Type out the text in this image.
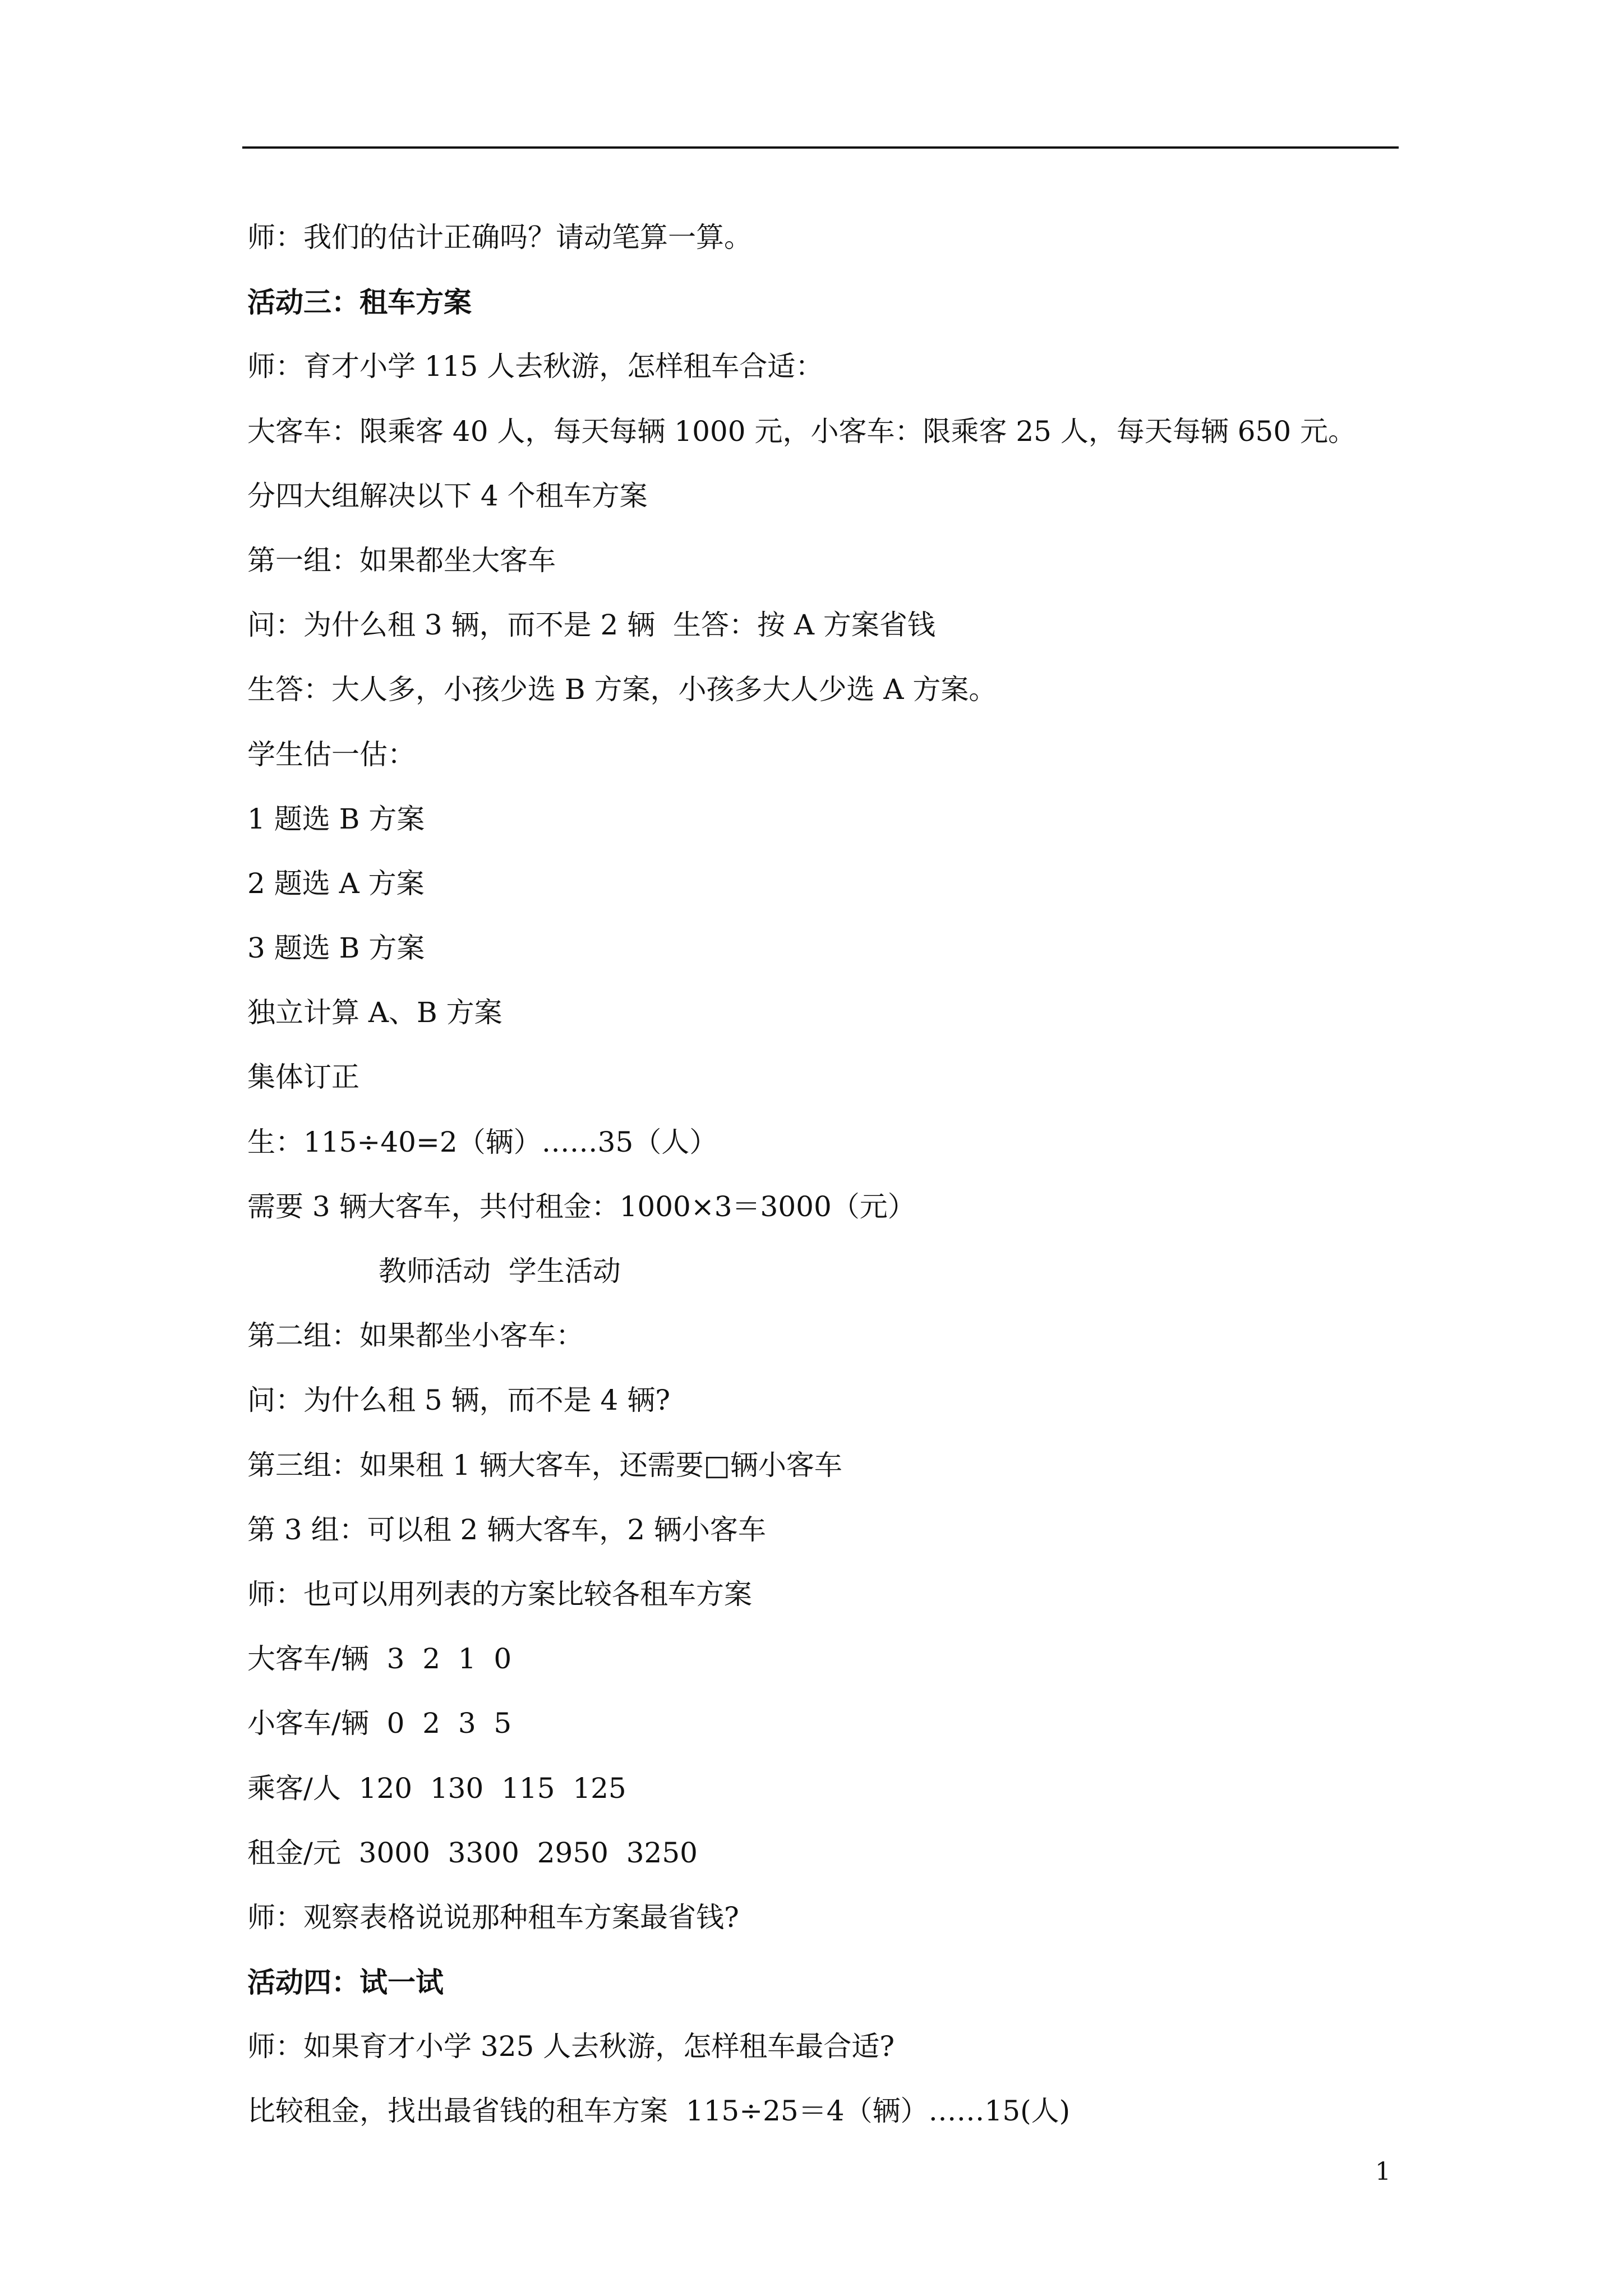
师：我们的估计正确吗？请动笔算一算。
活动三：租车方案
师：育才小学 115 人去秋游，怎样租车合适：
大客车：限乘客 40 人，每天每辆 1000 元，小客车：限乘客 25 人，每天每辆 650 元。
分四大组解决以下 4 个租车方案
第一组：如果都坐大客车
问：为什么租 3 辆，而不是 2 辆  生答：按 A 方案省钱
生答：大人多，小孩少选 B 方案，小孩多大人少选 A 方案。
学生估一估：
1 题选 B 方案
2 题选 A 方案
3 题选 B 方案
独立计算 A、B 方案
集体订正
生：115÷40=2（辆）……35（人）
需要 3 辆大客车，共付租金：1000×3＝3000（元）
教师活动  学生活动
第二组：如果都坐小客车：
问：为什么租 5 辆，而不是 4 辆?
第三组：如果租 1 辆大客车，还需要□辆小客车
第 3 组：可以租 2 辆大客车，2 辆小客车
师：也可以用列表的方案比较各租车方案
大客车/辆  3  2  1  0
小客车/辆  0  2  3  5
乘客/人  120  130  115  125
租金/元  3000  3300  2950  3250
师：观察表格说说那种租车方案最省钱?
活动四：试一试
师：如果育才小学 325 人去秋游，怎样租车最合适?
比较租金，找出最省钱的租车方案  115÷25＝4（辆）……15(人)
1
